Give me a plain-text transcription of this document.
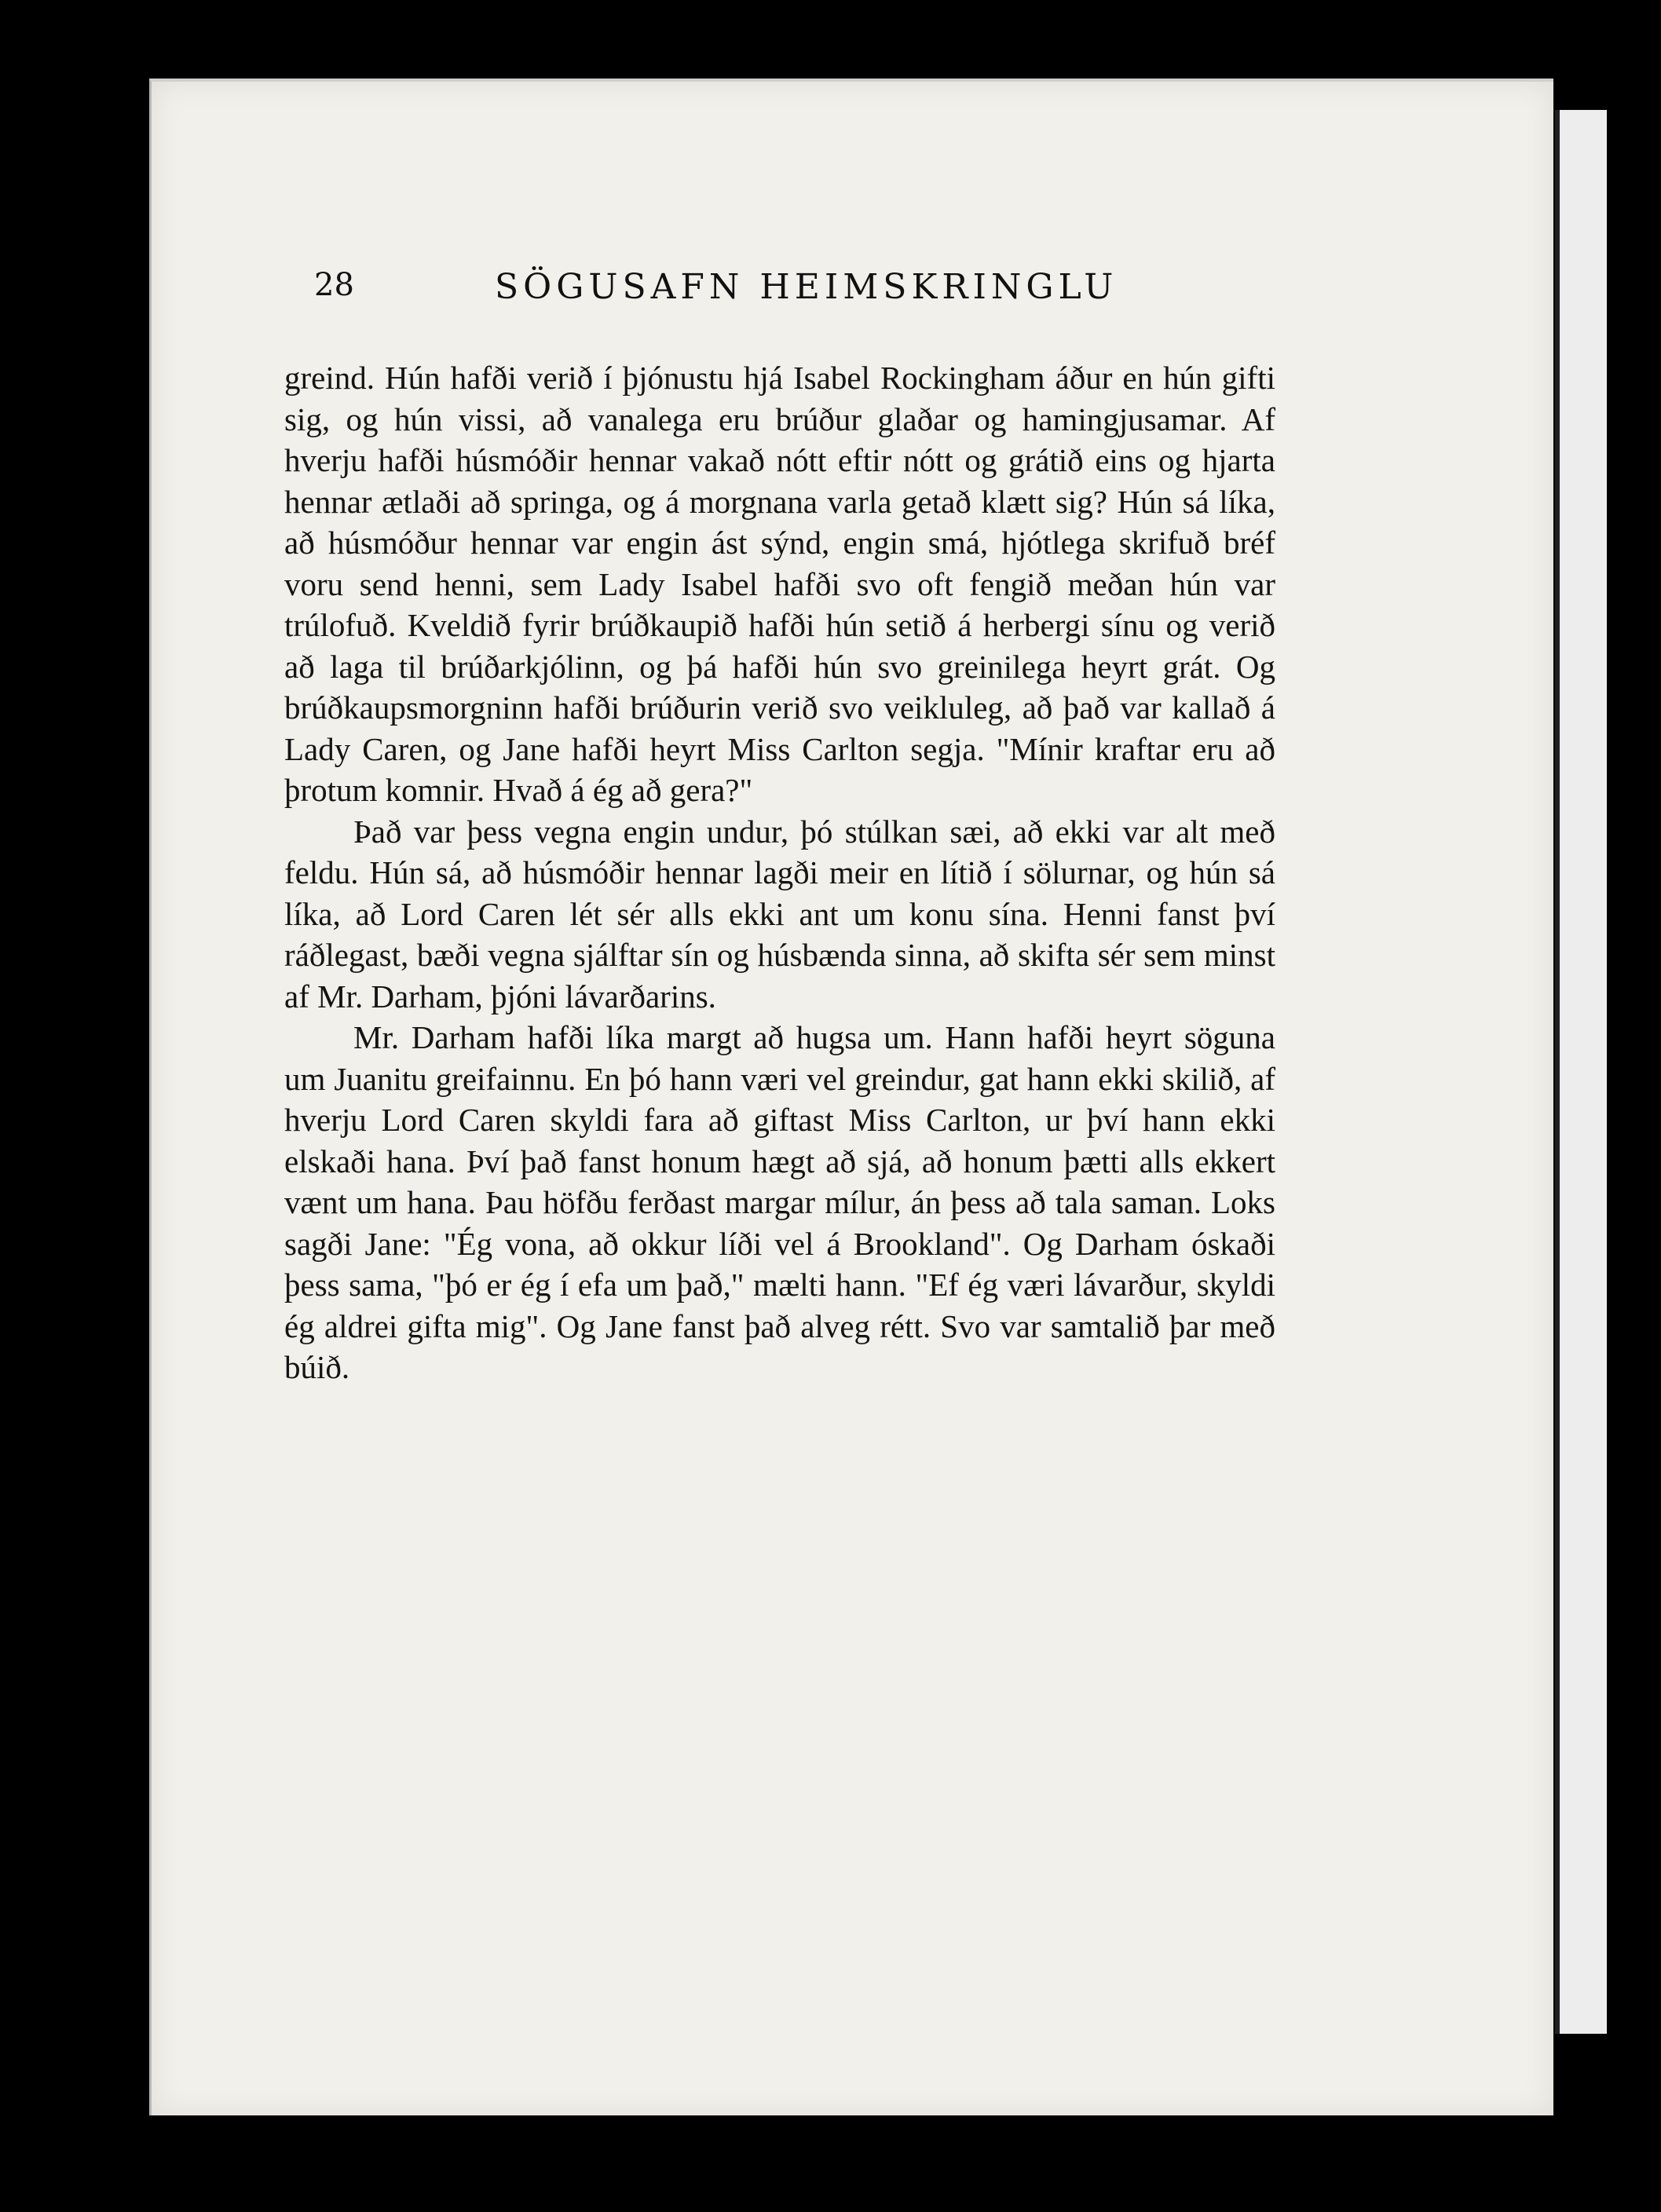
28	SÖGUSAFN HEIMSKRINGLU

greind. Hún hafði verið í þjónustu hjá Isabel Rockingham áður en hún gifti sig, og hún vissi, að vanalega eru brúður glaðar og hamingjusamar. Af hverju hafði húsmóðir hennar vakað nótt eftir nótt og grátið eins og hjarta hennar ætlaði að springa, og á morgnana varla getað klætt sig? Hún sá líka, að húsmóður hennar var engin ást sýnd, engin smá, hjótlega skrifuð bréf voru send henni, sem Lady Isabel hafði svo oft fengið meðan hún var trúlofuð. Kveldið fyrir brúðkaupið hafði hún setið á herbergi sínu og verið að laga til brúðarkjólinn, og þá hafði hún svo greinilega heyrt grát. Og brúðkaupsmorgninn hafði brúðurin verið svo veikluleg, að það var kallað á Lady Caren, og Jane hafði heyrt Miss Carlton segja. "Mínir kraftar eru að þrotum komnir. Hvað á ég að gera?"

Það var þess vegna engin undur, þó stúlkan sæi, að ekki var alt með feldu. Hún sá, að húsmóðir hennar lagði meir en lítið í sölurnar, og hún sá líka, að Lord Caren lét sér alls ekki ant um konu sína. Henni fanst því ráðlegast, bæði vegna sjálftar sín og húsbænda sinna, að skifta sér sem minst af Mr. Darham, þjóni lávarðarins.

Mr. Darham hafði líka margt að hugsa um. Hann hafði heyrt söguna um Juanitu greifainnu. En þó hann væri vel greindur, gat hann ekki skilið, af hverju Lord Caren skyldi fara að giftast Miss Carlton, ur því hann ekki elskaði hana. Því það fanst honum hægt að sjá, að honum þætti alls ekkert vænt um hana. Þau höfðu ferðast margar mílur, án þess að tala saman. Loks sagði Jane: "Ég vona, að okkur líði vel á Brookland". Og Darham óskaði þess sama, "þó er ég í efa um það," mælti hann. "Ef ég væri lávarður, skyldi ég aldrei gifta mig". Og Jane fanst það alveg rétt. Svo var samtalið þar með búið.
